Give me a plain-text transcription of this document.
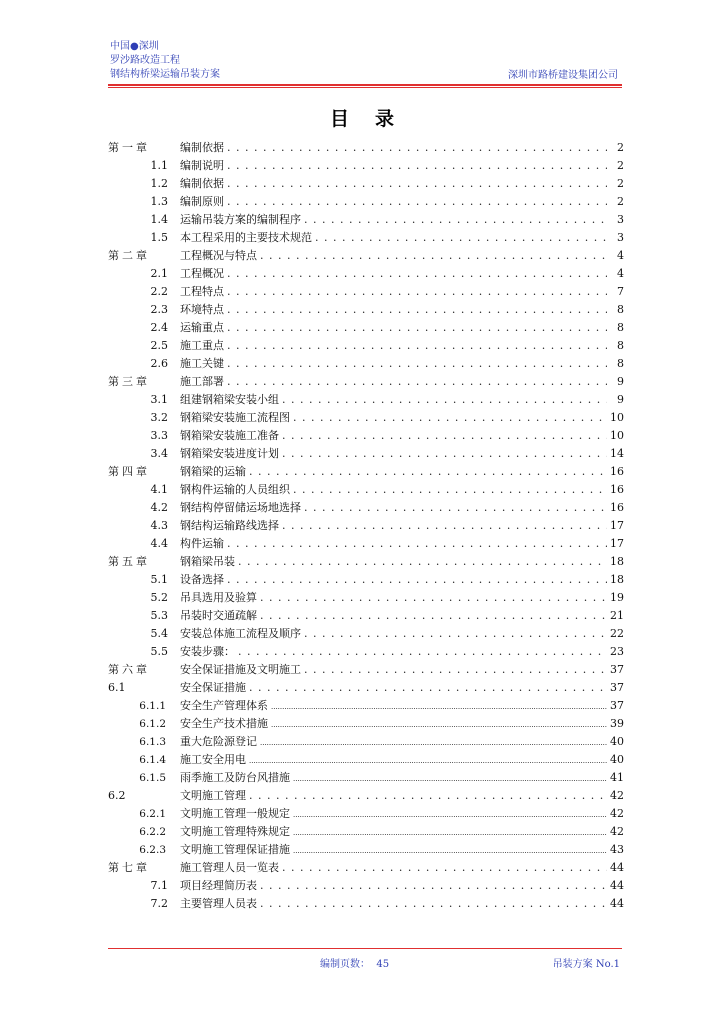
中国●深圳
罗沙路改造工程
钢结构桥梁运输吊装方案	深圳市路桥建设集团公司
目录
第一章	编制依据 . . .	2
1.1	编制说明 . . .	2
1.2	编制依据 . . .	2
1.3	编制原则 . . .	2
1.4	运输吊装方案的编制程序 . . .	3
1.5	本工程采用的主要技术规范 . . .	3
第二章	工程概况与特点 . . .	4
2.1	工程概况 . . .	4
2.2	工程特点 . . .	7
2.3	环境特点 . . .	8
2.4	运输重点 . . .	8
2.5	施工重点 . . .	8
2.6	施工关键 . . .	8
第三章	施工部署 . . .	9
3.1	组建钢箱梁安装小组 . . .	9
3.2	钢箱梁安装施工流程图 . . .	10
3.3	钢箱梁安装施工准备 . . .	10
3.4	钢箱梁安装进度计划 . . .	14
第四章	钢箱梁的运输 . . .	16
4.1	钢构件运输的人员组织 . . .	16
4.2	钢结构停留储运场地选择 . . .	16
4.3	钢结构运输路线选择 . . .	17
4.4	构件运输 . . .	17
第五章	钢箱梁吊装 . . .	18
5.1	设备选择 . . .	18
5.2	吊具选用及验算 . . .	19
5.3	吊装时交通疏解 . . .	21
5.4	安装总体施工流程及顺序 . . .	22
5.5	安装步骤： . . .	23
第六章	安全保证措施及文明施工 . . .	37
6.1	安全保证措施 . . .	37
6.1.1	安全生产管理体系 .....	37
6.1.2	安全生产技术措施 .....	39
6.1.3	重大危险源登记 .....	40
6.1.4	施工安全用电 .....	40
6.1.5	雨季施工及防台风措施 .....	41
6.2	文明施工管理 . . .	42
6.2.1	文明施工管理一般规定 .....	42
6.2.2	文明施工管理特殊规定 .....	42
6.2.3	文明施工管理保证措施 .....	43
第七章	施工管理人员一览表 . . .	44
7.1	项目经理简历表 . . .	44
7.2	主要管理人员表 . . .	44
编制页数： 45	吊装方案 No.1
